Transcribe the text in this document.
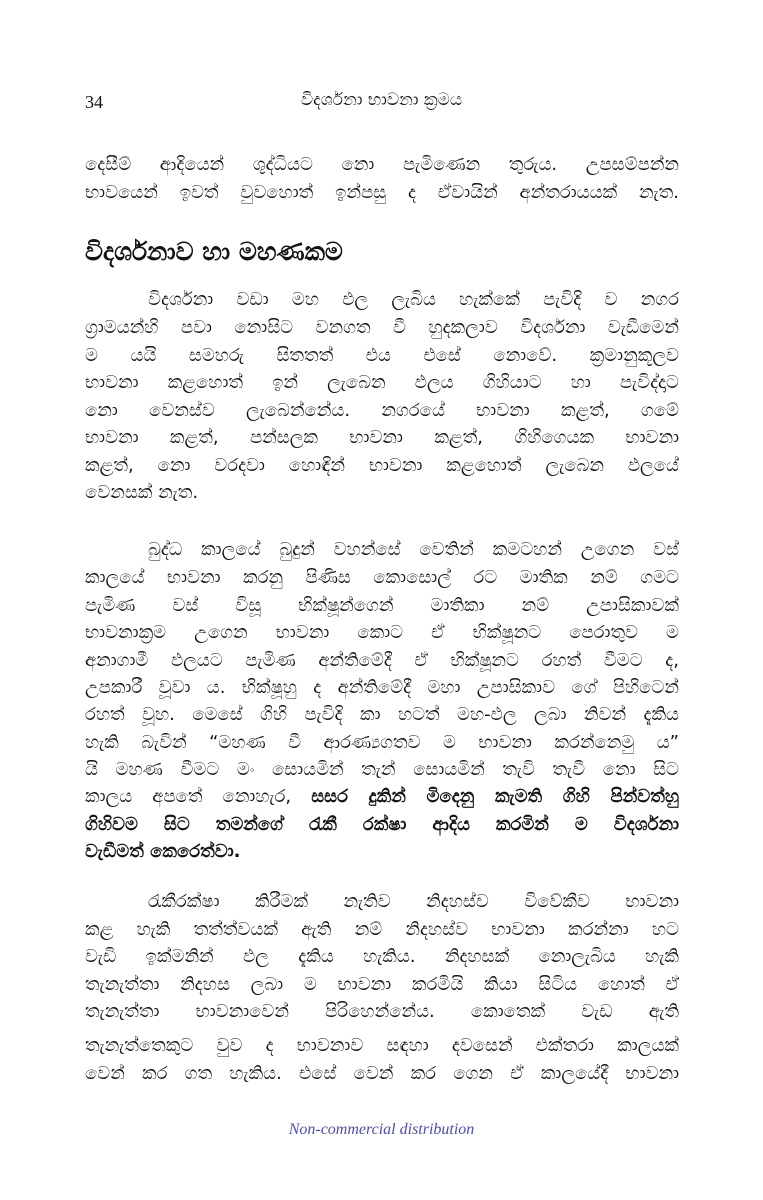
34	විදර්ශනා භාවනා ක්‍රමය
දෙසීම් ආදියෙන් ශුද්ධියට නො පැමිණෙන තුරුය. උපසම්පන්න
භාවයෙන් ඉවත් වුවහොත් ඉන්පසු ද ඒවායින් අන්තරායයක් නැත.
විදර්ශනාව හා මහණකම
විදර්ශනා වඩා මහ ඵල ලැබිය හැක්කේ පැවිදි ව නගර
ග්‍රාමයන්හි පවා නොසිට වනගත වී හුදකලාව විදර්ශනා වැඩීමෙන්
ම යයි සමහරු සිතතත් එය එසේ නොවේ. ක්‍රමානුකූලව
භාවනා කළහොත් ඉන් ලැබෙන ඵලය ගිහියාට හා පැවිද්දාට
නො වෙනස්ව ලැබෙන්නේය. නගරයේ භාවනා කළත්, ගමේ
භාවනා කළත්, පන්සලක භාවනා කළත්, ගිහිගෙයක භාවනා
කළත්, නො වරදවා හොඳින් භාවනා කළහොත් ලැබෙන ඵලයේ
වෙනසක් නැත.
බුද්ධ කාලයේ බුදුන් වහන්සේ වෙතින් කමටහන් උගෙන වස්
කාලයේ භාවනා කරනු පිණිස කොසොල් රට මාතික නම් ගමට
පැමිණ වස් විසූ භික්ෂූන්ගෙන් මාතිකා නම් උපාසිකාවක්
භාවනාක්‍රම උගෙන භාවනා කොට ඒ භික්ෂූනට පෙරාතුව ම
අනාගාමී ඵලයට පැමිණ අන්තිමේදී ඒ භික්ෂූනට රහත් වීමට ද,
උපකාරී වූවා ය. භික්ෂූහු ද අන්තිමේදී මහා උපාසිකාව ගේ පිහිටෙන්
රහත් වූහ. මෙසේ ගිහි පැවිදි කා හටත් මහ-ඵල ලබා නිවන් දැකිය
හැකි බැවින් “මහණ වී ආරණ්‍යගතව ම භාවනා කරන්නෙමු ය”
යි මහණ වීමට මං සොයමින් තැන් සොයමින් තැවි තැවී නො සිට
කාලය අපතේ නොහැර, සසර දුකින් මිදෙනු කැමති ගිහි පින්වත්හු
ගිහිවම සිට තමන්ගේ රැකී රක්ෂා ආදිය කරමින් ම විදර්ශනා
වැඩීමත් කෙරෙත්වා.
රැකීරක්ෂා කිරීමක් නැතිව නිදහස්ව විවේකීව භාවනා
කළ හැකි තත්ත්වයක් ඇති නම් නිදහස්ව භාවනා කරන්නා හට
වැඩි ඉක්මනින් ඵල දැකිය හැකිය. නිදහසක් නොලැබිය හැකි
තැනැත්තා නිදහස ලබා ම භාවනා කරමියි කියා සිටිය හොත් ඒ
තැනැත්තා භාවනාවෙන් පිරිහෙන්නේය. කොතෙක් වැඩ ඇති
තැනැත්තෙකුට වුව ද භාවනාව සඳහා දවසෙන් එක්තරා කාලයක්
වෙන් කර ගත හැකිය. එසේ වෙන් කර ගෙන ඒ කාලයේදී භාවනා
Non-commercial distribution
